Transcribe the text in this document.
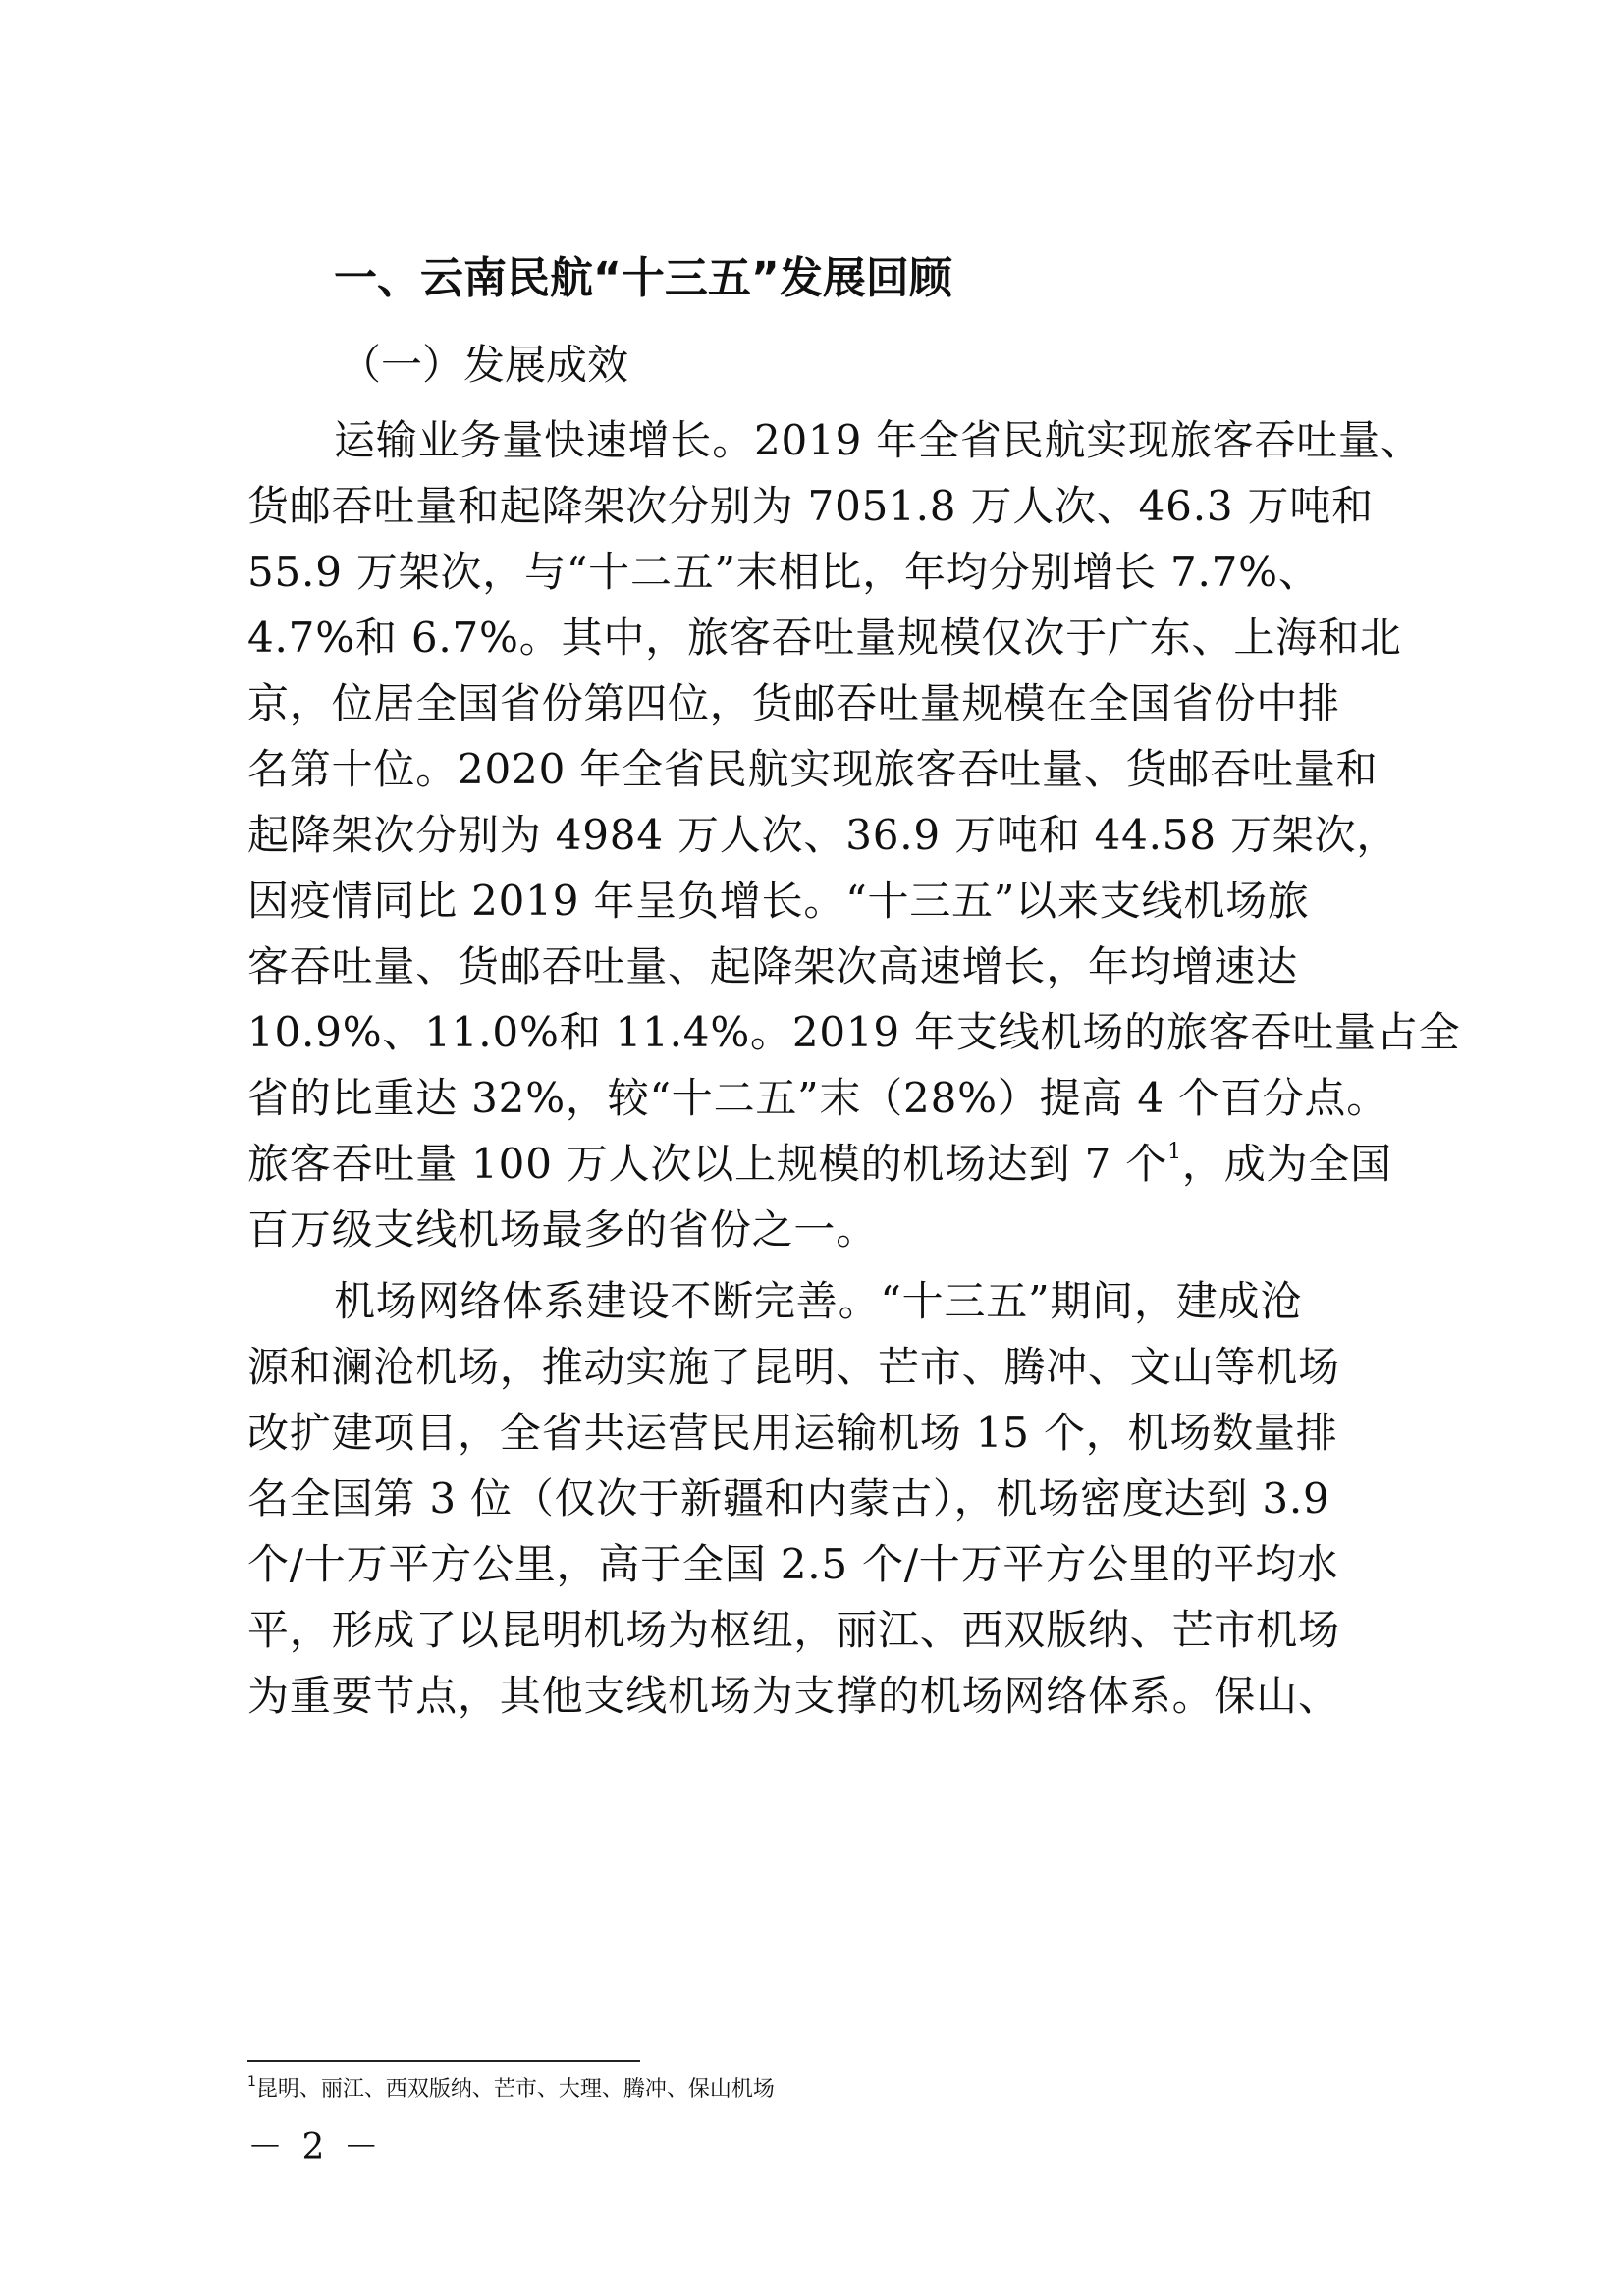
一、云南民航“十三五”发展回顾
（一）发展成效
运输业务量快速增长。2019 年全省民航实现旅客吞吐量、
货邮吞吐量和起降架次分别为 7051.8 万人次、46.3 万吨和
55.9 万架次，与“十二五”末相比，年均分别增长 7.7%、
4.7%和 6.7%。其中，旅客吞吐量规模仅次于广东、上海和北
京，位居全国省份第四位，货邮吞吐量规模在全国省份中排
名第十位。2020 年全省民航实现旅客吞吐量、货邮吞吐量和
起降架次分别为 4984 万人次、36.9 万吨和 44.58 万架次，
因疫情同比 2019 年呈负增长。“十三五”以来支线机场旅
客吞吐量、货邮吞吐量、起降架次高速增长，年均增速达
10.9%、11.0%和 11.4%。2019 年支线机场的旅客吞吐量占全
省的比重达 32%，较“十二五”末（28%）提高 4 个百分点。
旅客吞吐量 100 万人次以上规模的机场达到 7 个$^1$，成为全国
百万级支线机场最多的省份之一。
机场网络体系建设不断完善。“十三五”期间，建成沧
源和澜沧机场，推动实施了昆明、芒市、腾冲、文山等机场
改扩建项目，全省共运营民用运输机场 15 个，机场数量排
名全国第 3 位（仅次于新疆和内蒙古），机场密度达到 3.9
个/十万平方公里，高于全国 2.5 个/十万平方公里的平均水
平，形成了以昆明机场为枢纽，丽江、西双版纳、芒市机场
为重要节点，其他支线机场为支撑的机场网络体系。保山、
$^1$昆明、丽江、西双版纳、芒市、大理、腾冲、保山机场
－ 2 －
